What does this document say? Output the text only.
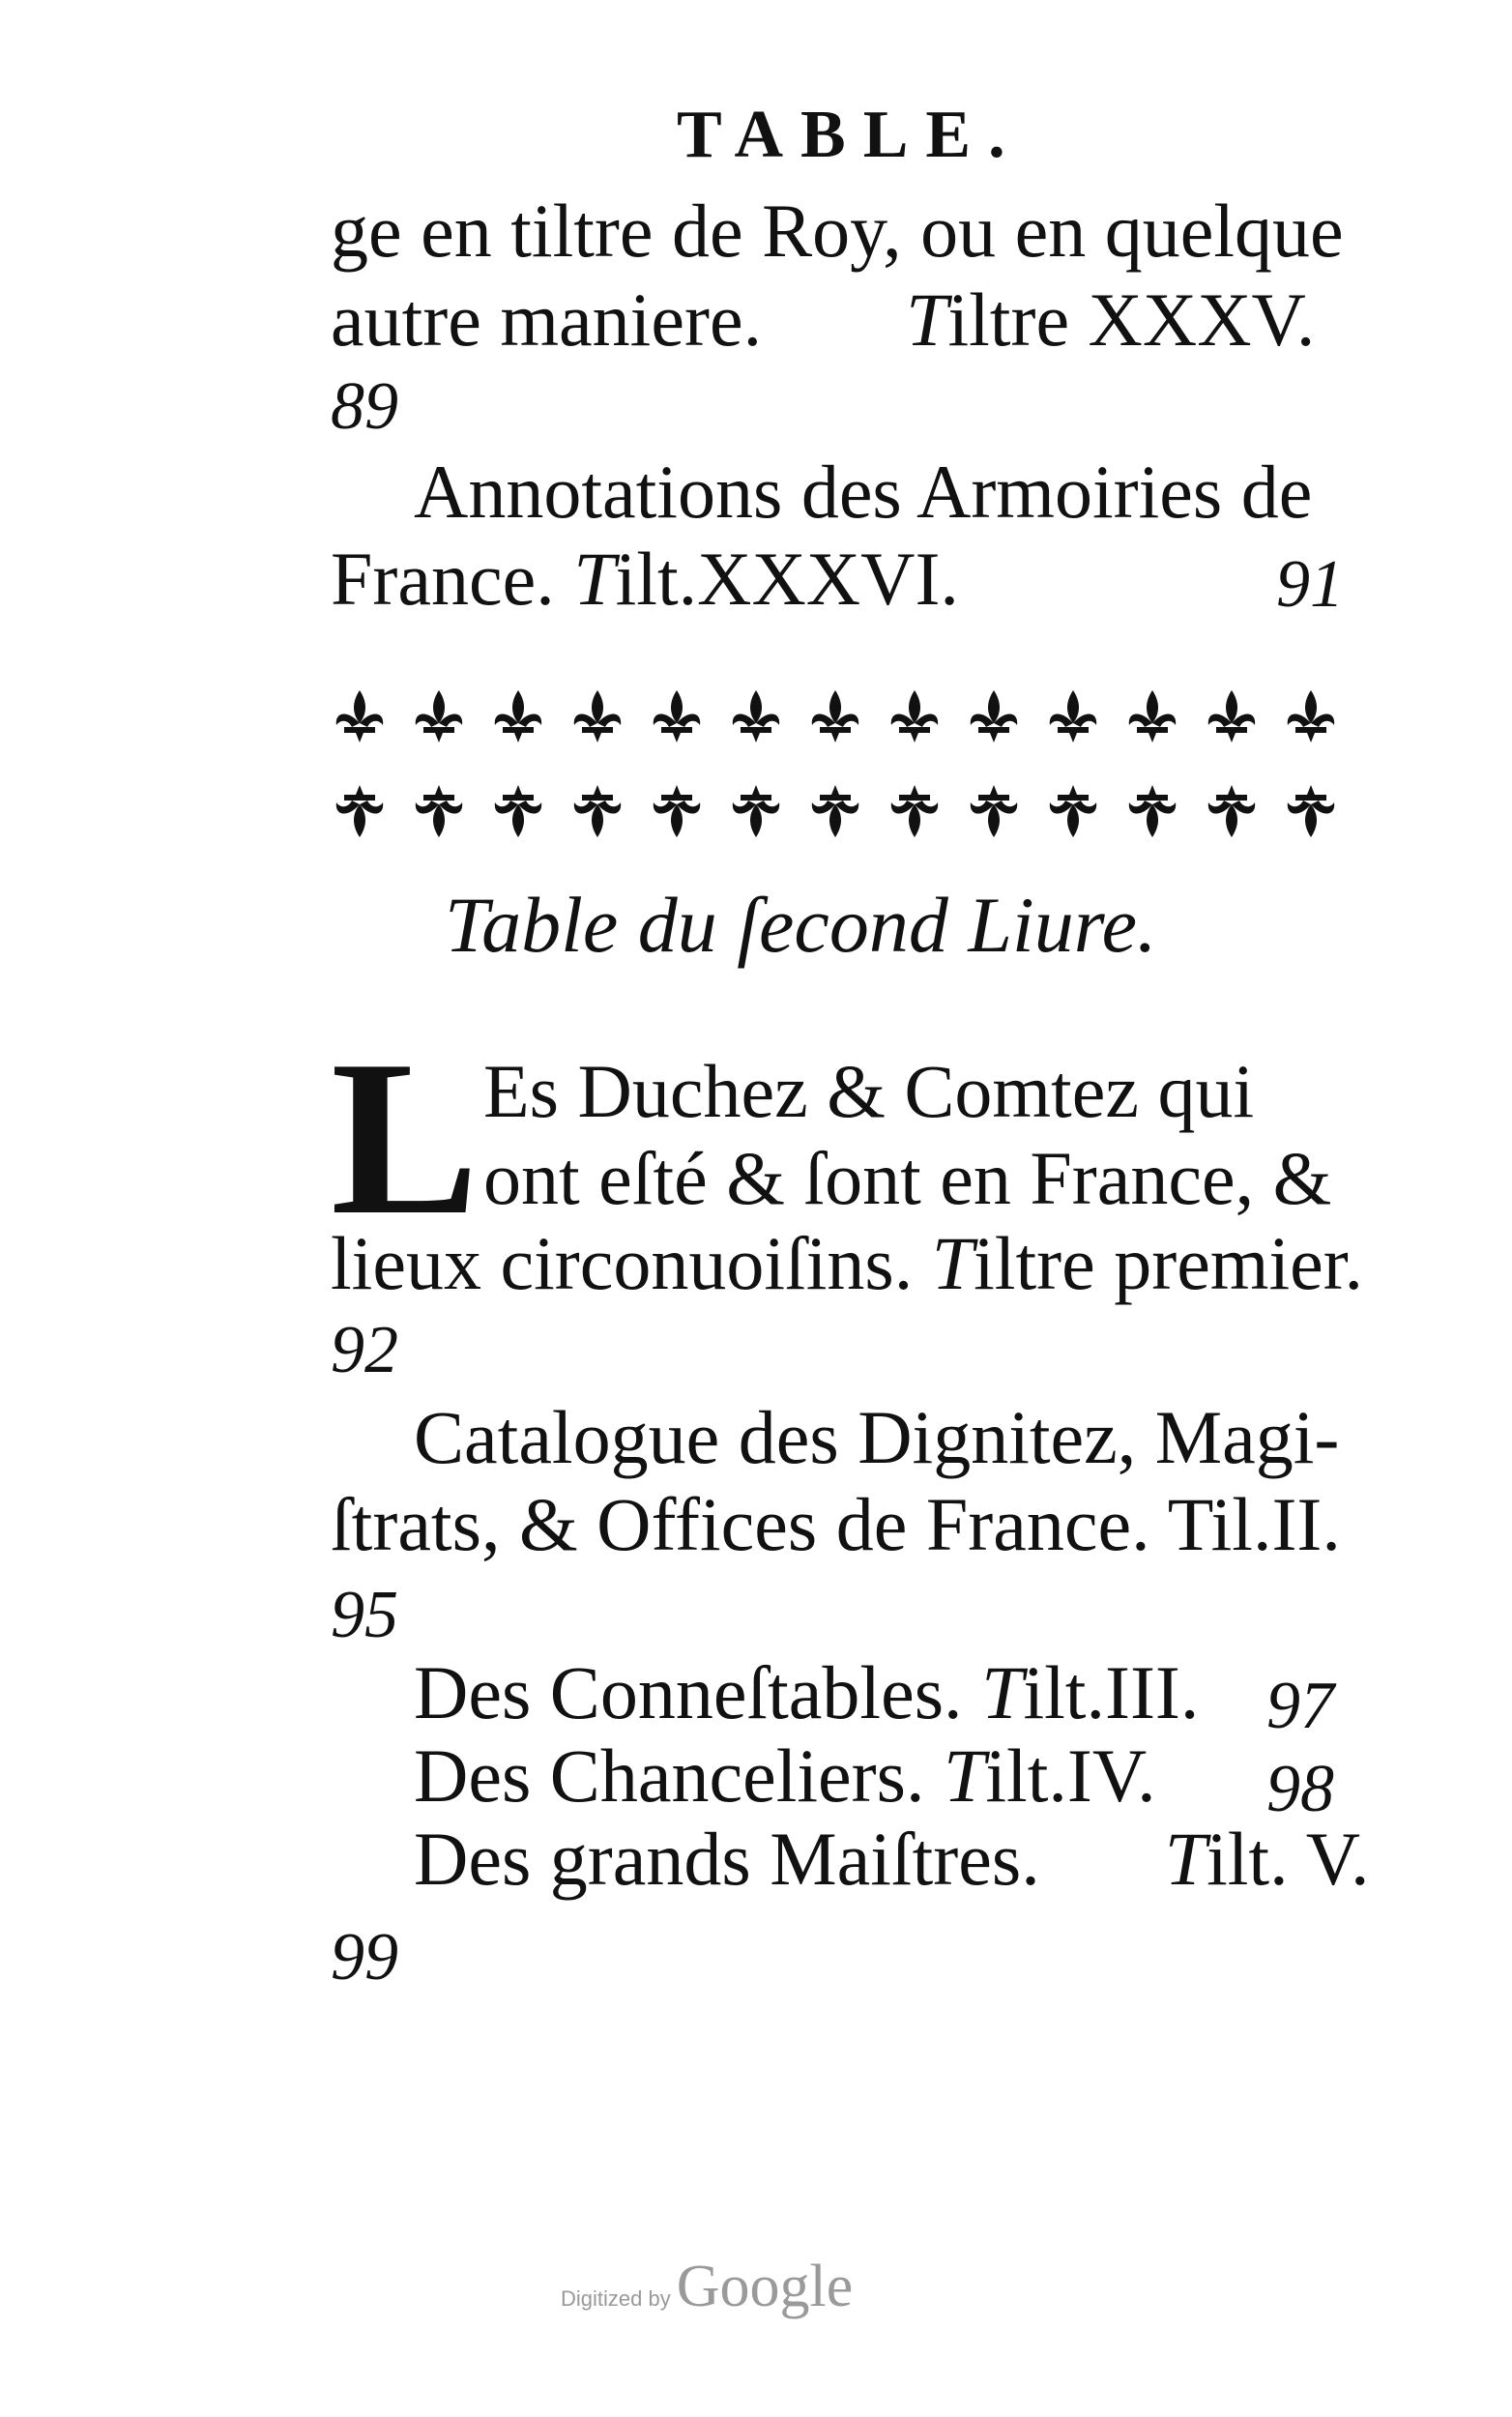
TABLE.
ge en tiltre de Roy, ou en quelque
autre maniere. Tiltre XXXV.
89
Annotations des Armoiries de
France. Tilt.XXXVI.	91
Table du ſecond Liure.
L Es Duchez & Comtez qui
ont eſté & ſont en France, &
lieux circonuoiſins. Tiltre premier.
92
Catalogue des Dignitez, Magi-
ſtrats, & Offices de France. Til.II.
95
Des Conneſtables. Tilt.III. 97
Des Chanceliers. Tilt.IV. 98
Des grands Maiſtres. Tilt. V.
99
Digitized byGoogle
